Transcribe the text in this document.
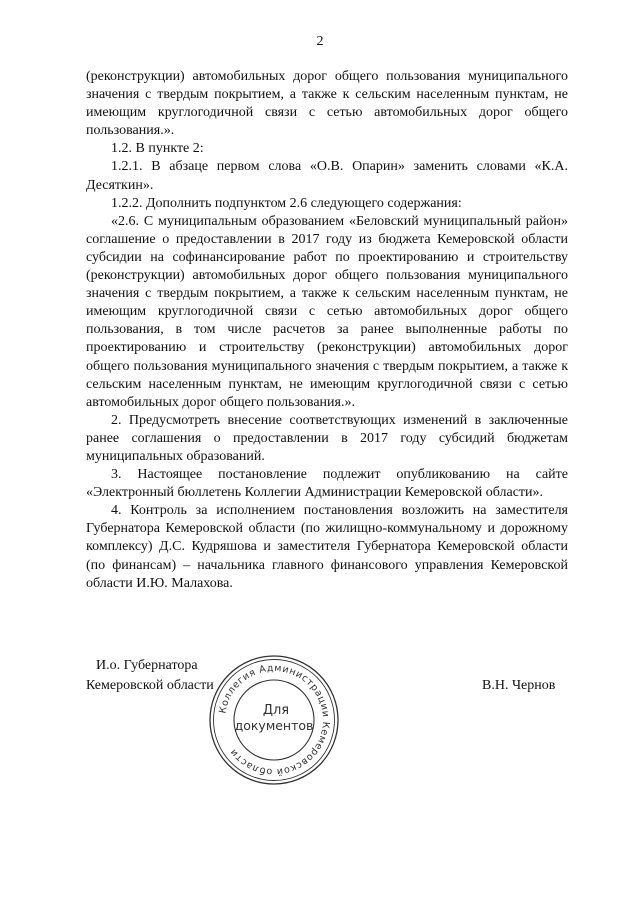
2

(реконструкции) автомобильных дорог общего пользования муниципального значения с твердым покрытием, а также к сельским населенным пунктам, не имеющим круглогодичной связи с сетью автомобильных дорог общего пользования.».

1.2. В пункте 2:

1.2.1. В абзаце первом слова «О.В. Опарин» заменить словами «К.А. Десяткин».

1.2.2. Дополнить подпунктом 2.6 следующего содержания:

«2.6. С муниципальным образованием «Беловский муниципальный район» соглашение о предоставлении в 2017 году из бюджета Кемеровской области субсидии на софинансирование работ по проектированию и строительству (реконструкции) автомобильных дорог общего пользования муниципального значения с твердым покрытием, а также к сельским населенным пунктам, не имеющим круглогодичной связи с сетью автомобильных дорог общего пользования, в том числе расчетов за ранее выполненные работы по проектированию и строительству (реконструкции) автомобильных дорог общего пользования муниципального значения с твердым покрытием, а также к сельским населенным пунктам, не имеющим круглогодичной связи с сетью автомобильных дорог общего пользования.».

2. Предусмотреть внесение соответствующих изменений в заключенные ранее соглашения о предоставлении в 2017 году субсидий бюджетам муниципальных образований.

3. Настоящее постановление подлежит опубликованию на сайте «Электронный бюллетень Коллегии Администрации Кемеровской области».

4. Контроль за исполнением постановления возложить на заместителя Губернатора Кемеровской области (по жилищно-коммунальному и дорожному комплексу) Д.С. Кудряшова и заместителя Губернатора Кемеровской области (по финансам) – начальника главного финансового управления Кемеровской области И.Ю. Малахова.

И.о. Губернатора
Кемеровской области
Коллегия Администрации Кемеровской области
Для
документов
В.Н. Чернов
